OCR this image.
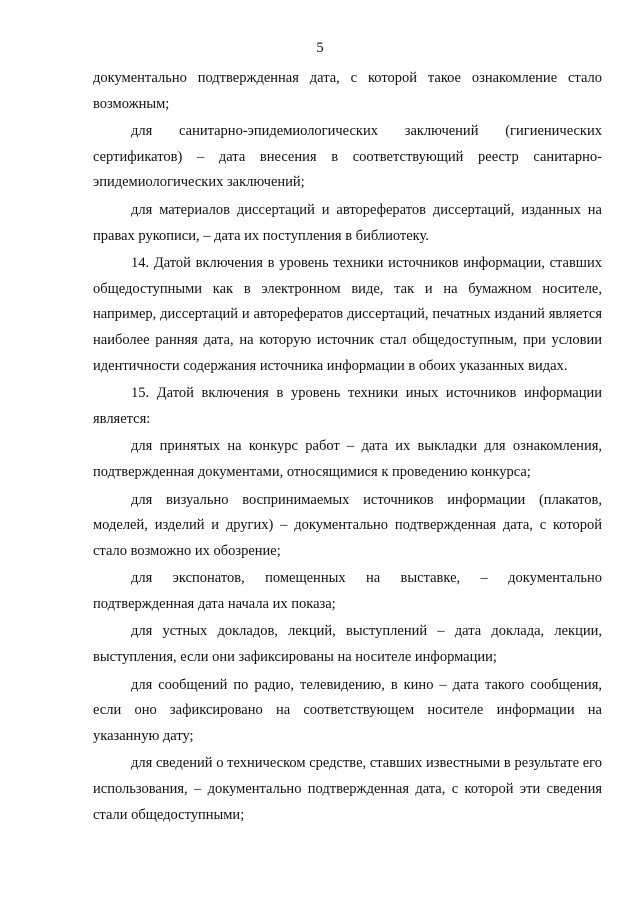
5

документально подтвержденная дата, с которой такое ознакомление стало возможным;

для санитарно-эпидемиологических заключений (гигиенических сертификатов) – дата внесения в соответствующий реестр санитарно-эпидемиологических заключений;

для материалов диссертаций и авторефератов диссертаций, изданных на правах рукописи, – дата их поступления в библиотеку.

14. Датой включения в уровень техники источников информации, ставших общедоступными как в электронном виде, так и на бумажном носителе, например, диссертаций и авторефератов диссертаций, печатных изданий является наиболее ранняя дата, на которую источник стал общедоступным, при условии идентичности содержания источника информации в обоих указанных видах.

15. Датой включения в уровень техники иных источников информации является:

для принятых на конкурс работ – дата их выкладки для ознакомления, подтвержденная документами, относящимися к проведению конкурса;

для визуально воспринимаемых источников информации (плакатов, моделей, изделий и других) – документально подтвержденная дата, с которой стало возможно их обозрение;

для экспонатов, помещенных на выставке, – документально подтвержденная дата начала их показа;

для устных докладов, лекций, выступлений – дата доклада, лекции, выступления, если они зафиксированы на носителе информации;

для сообщений по радио, телевидению, в кино – дата такого сообщения, если оно зафиксировано на соответствующем носителе информации на указанную дату;

для сведений о техническом средстве, ставших известными в результате его использования, – документально подтвержденная дата, с которой эти сведения стали общедоступными;
